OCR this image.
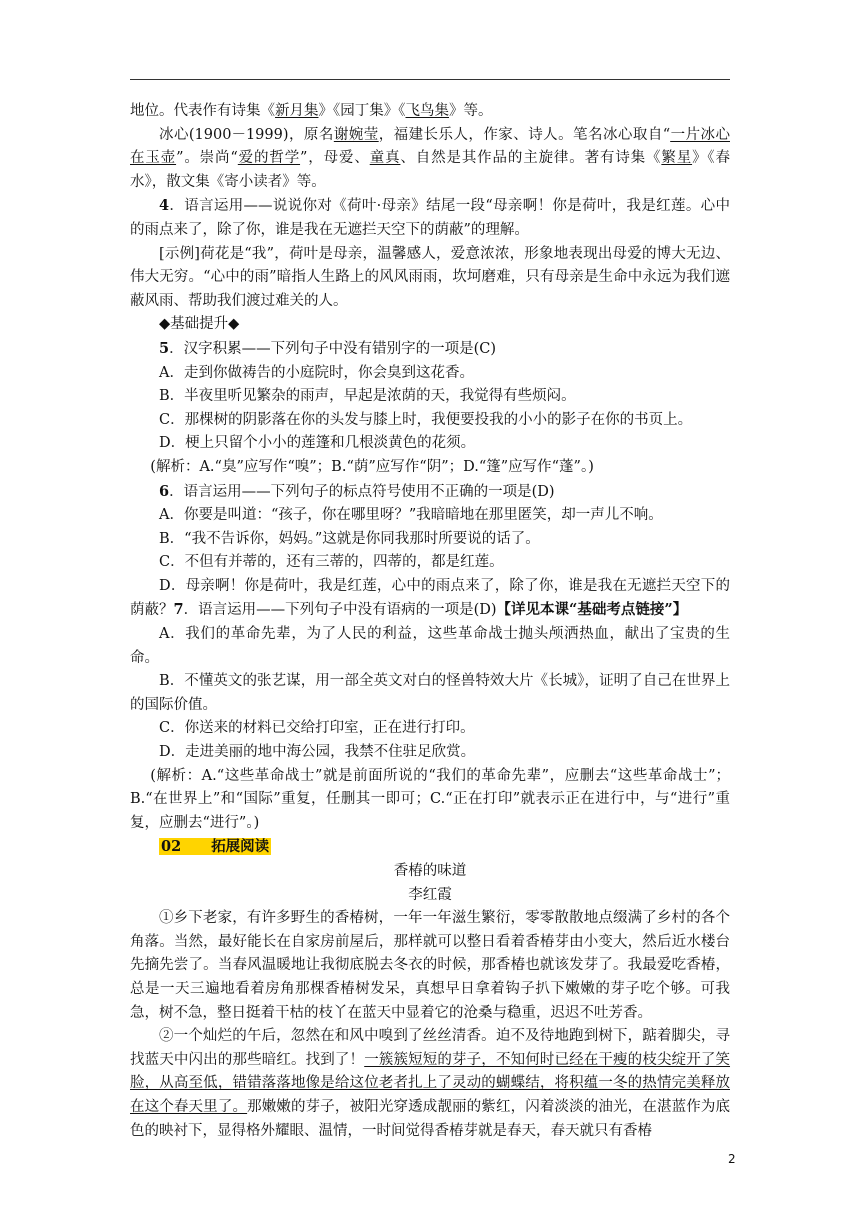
地位。代表作有诗集《新月集》《园丁集》《飞鸟集》等。

冰心(1900－1999)，原名谢婉莹，福建长乐人，作家、诗人。笔名冰心取自“一片冰心在玉壶”。崇尚“爱的哲学”，母爱、童真、自然是其作品的主旋律。著有诗集《繁星》《春水》，散文集《寄小读者》等。

4．语言运用——说说你对《荷叶·母亲》结尾一段“母亲啊！你是荷叶，我是红莲。心中的雨点来了，除了你，谁是我在无遮拦天空下的荫蔽”的理解。

[示例]荷花是“我”，荷叶是母亲，温馨感人，爱意浓浓，形象地表现出母爱的博大无边、伟大无穷。“心中的雨”暗指人生路上的风风雨雨，坎坷磨难，只有母亲是生命中永远为我们遮蔽风雨、帮助我们渡过难关的人。

◆基础提升◆

5．汉字积累——下列句子中没有错别字的一项是(C)

A．走到你做祷告的小庭院时，你会臭到这花香。

B．半夜里听见繁杂的雨声，早起是浓荫的天，我觉得有些烦闷。

C．那棵树的阴影落在你的头发与膝上时，我便要投我的小小的影子在你的书页上。

D．梗上只留个小小的莲篷和几根淡黄色的花须。

(解析：A.“臭”应写作“嗅”；B.“荫”应写作“阴”；D.“篷”应写作“蓬”。)

6．语言运用——下列句子的标点符号使用不正确的一项是(D)

A．你要是叫道：“孩子，你在哪里呀？”我暗暗地在那里匿笑，却一声儿不响。

B．“我不告诉你，妈妈。”这就是你同我那时所要说的话了。

C．不但有并蒂的，还有三蒂的，四蒂的，都是红莲。

D．母亲啊！你是荷叶，我是红莲，心中的雨点来了，除了你，谁是我在无遮拦天空下的荫蔽？7．语言运用——下列句子中没有语病的一项是(D)【详见本课“基础考点链接”】

A．我们的革命先辈，为了人民的利益，这些革命战士抛头颅洒热血，献出了宝贵的生命。

B．不懂英文的张艺谋，用一部全英文对白的怪兽特效大片《长城》，证明了自己在世界上的国际价值。

C．你送来的材料已交给打印室，正在进行打印。

D．走进美丽的地中海公园，我禁不住驻足欣赏。

(解析：A.“这些革命战士”就是前面所说的“我们的革命先辈”，应删去“这些革命战士”；B.“在世界上”和“国际”重复，任删其一即可；C.“正在打印”就表示正在进行中，与“进行”重复，应删去“进行”。)

02 拓展阅读

香椿的味道

李红霞

①乡下老家，有许多野生的香椿树，一年一年滋生繁衍，零零散散地点缀满了乡村的各个角落。当然，最好能长在自家房前屋后，那样就可以整日看着香椿芽由小变大，然后近水楼台先摘先尝了。当春风温暖地让我彻底脱去冬衣的时候，那香椿也就该发芽了。我最爱吃香椿，总是一天三遍地看着房角那棵香椿树发呆，真想早日拿着钩子扒下嫩嫩的芽子吃个够。可我急，树不急，整日挺着干枯的枝丫在蓝天中显着它的沧桑与稳重，迟迟不吐芳香。

②一个灿烂的午后，忽然在和风中嗅到了丝丝清香。迫不及待地跑到树下，踮着脚尖，寻找蓝天中闪出的那些暗红。找到了！一簇簇短短的芽子，不知何时已经在干瘦的枝尖绽开了笑脸，从高至低，错错落落地像是给这位老者扎上了灵动的蝴蝶结，将积蕴一冬的热情完美释放在这个春天里了。那嫩嫩的芽子，被阳光穿透成靓丽的紫红，闪着淡淡的油光，在湛蓝作为底色的映衬下，显得格外耀眼、温情，一时间觉得香椿芽就是春天，春天就只有香椿

2
